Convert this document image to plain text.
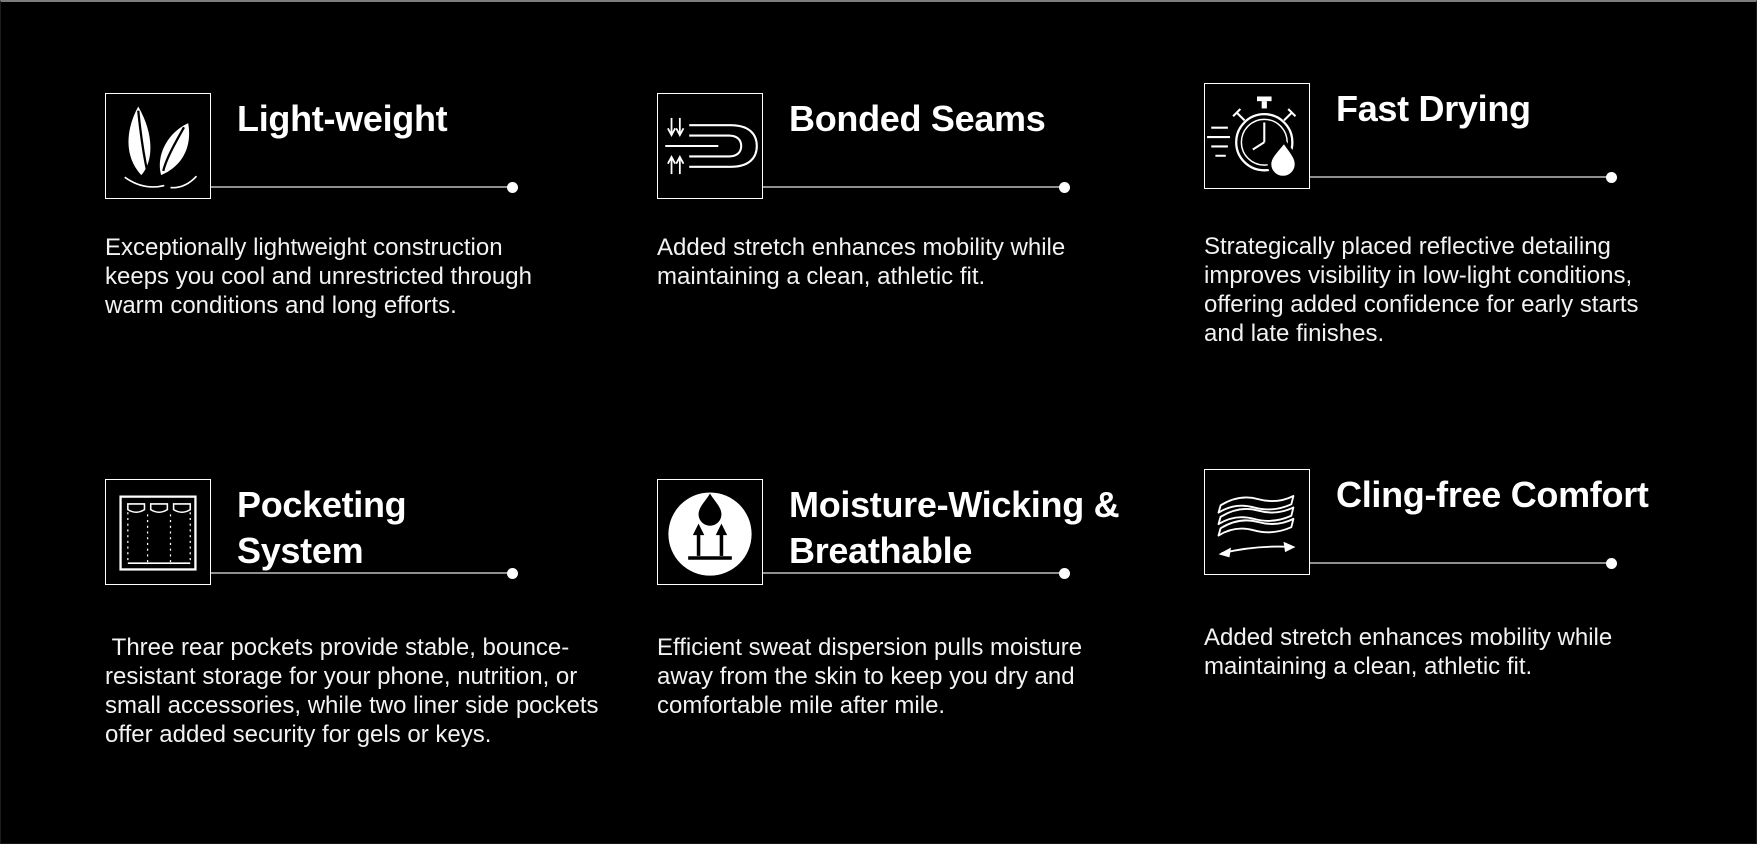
Light-weight

Exceptionally lightweight construction keeps you cool and unrestricted through warm conditions and long efforts.

Bonded Seams

Added stretch enhances mobility while maintaining a clean, athletic fit.

Fast Drying

Strategically placed reflective detailing improves visibility in low-light conditions, offering added confidence for early starts and late finishes.

Pocketing System

Three rear pockets provide stable, bounce-resistant storage for your phone, nutrition, or small accessories, while two liner side pockets offer added security for gels or keys.

Moisture-Wicking & Breathable

Efficient sweat dispersion pulls moisture away from the skin to keep you dry and comfortable mile after mile.

Cling-free Comfort

Added stretch enhances mobility while maintaining a clean, athletic fit.
